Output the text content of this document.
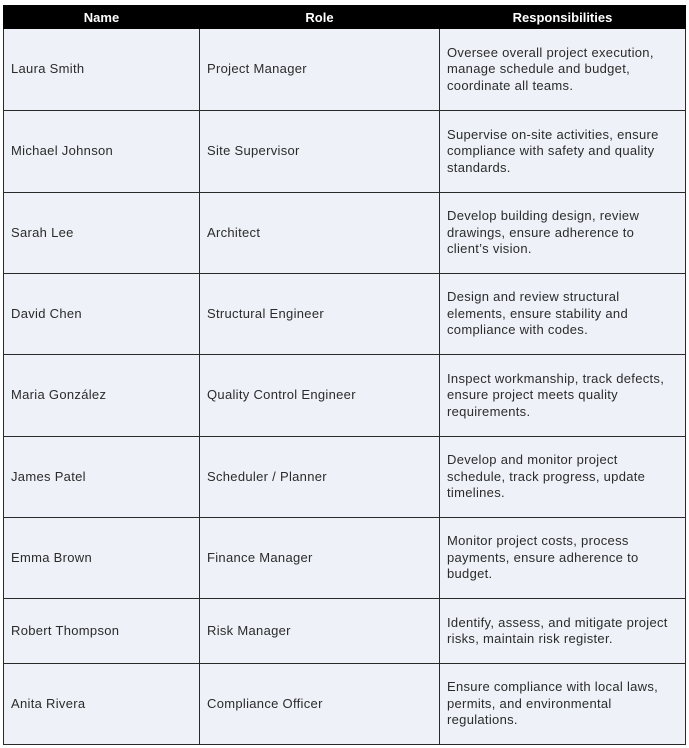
Name	Role	Responsibilities
Laura Smith	Project Manager	Oversee overall project execution, manage schedule and budget, coordinate all teams.
Michael Johnson	Site Supervisor	Supervise on-site activities, ensure compliance with safety and quality standards.
Sarah Lee	Architect	Develop building design, review drawings, ensure adherence to client’s vision.
David Chen	Structural Engineer	Design and review structural elements, ensure stability and compliance with codes.
Maria González	Quality Control Engineer	Inspect workmanship, track defects, ensure project meets quality requirements.
James Patel	Scheduler / Planner	Develop and monitor project schedule, track progress, update timelines.
Emma Brown	Finance Manager	Monitor project costs, process payments, ensure adherence to budget.
Robert Thompson	Risk Manager	Identify, assess, and mitigate project risks, maintain risk register.
Anita Rivera	Compliance Officer	Ensure compliance with local laws, permits, and environmental regulations.
